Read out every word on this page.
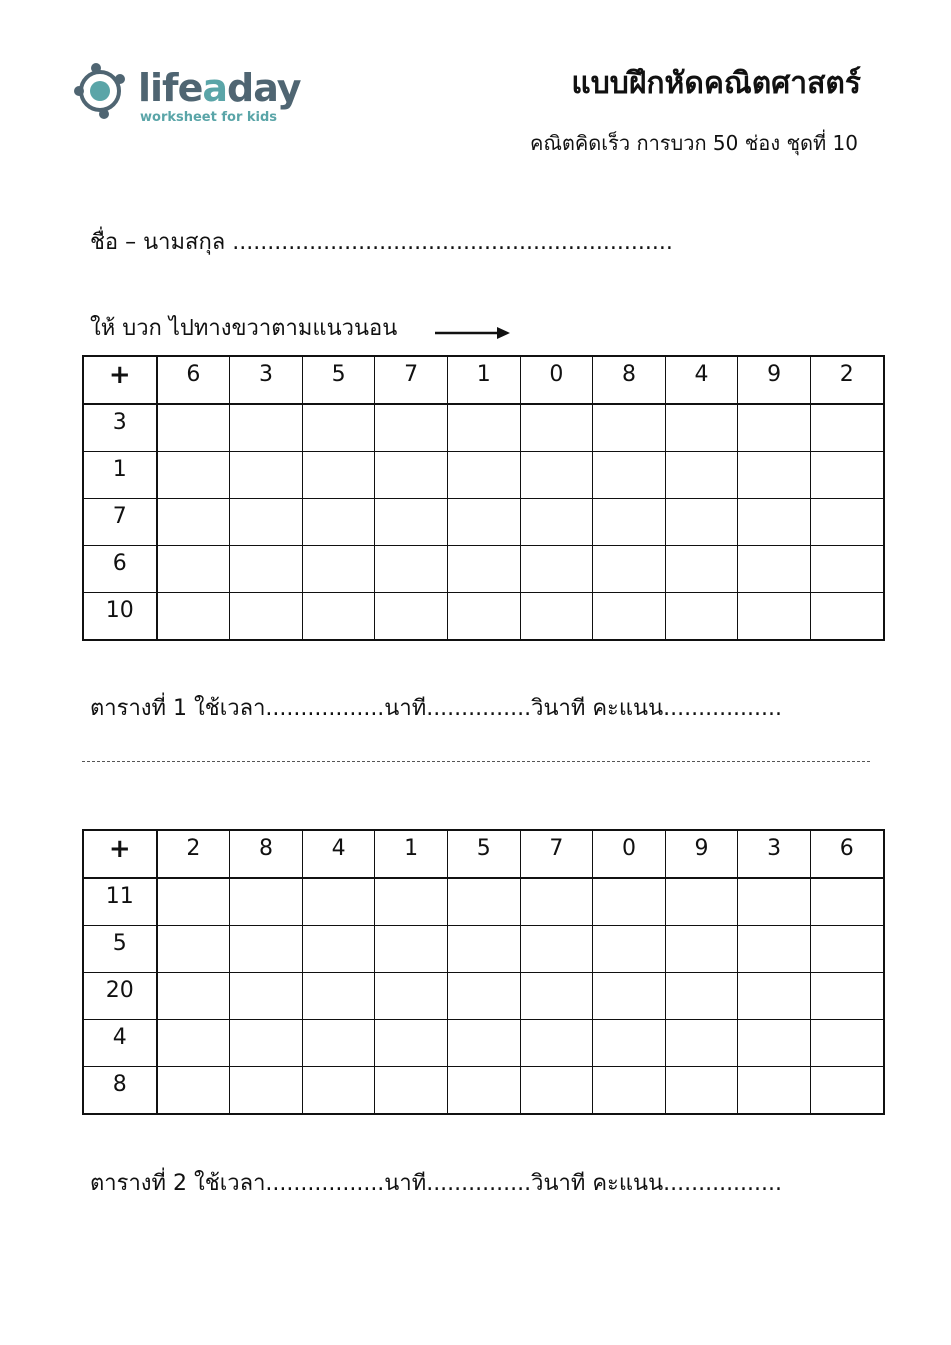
lifeaday
worksheet for kids
แบบฝึกหัดคณิตศาสตร์
คณิตคิดเร็ว การบวก 50 ช่อง ชุดที่ 10
ชื่อ – นามสกุล ...............................................................
ให้ บวก ไปทางขวาตามแนวนอน
+	6	3	5	7	1	0	8	4	9	2
3										
1										
7										
6										
10										
ตารางที่ 1 ใช้เวลา.................นาที...............วินาที คะแนน.................
+	2	8	4	1	5	7	0	9	3	6
11										
5										
20										
4										
8										
ตารางที่ 2 ใช้เวลา.................นาที...............วินาที คะแนน.................
